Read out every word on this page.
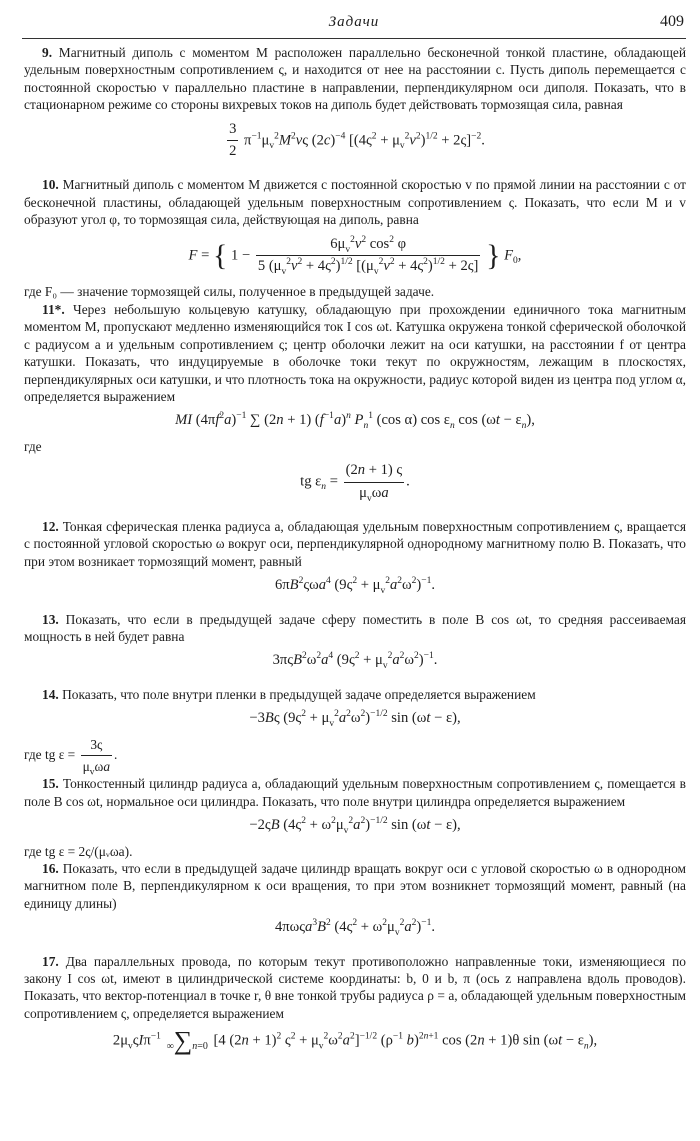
Задачи	409

9. Магнитный диполь с моментом M расположен параллельно бесконечной тонкой пластине, обладающей удельным поверхностным сопротивлением ς, и находится от нее на расстоянии c. Пусть диполь перемещается с постоянной скоростью v параллельно пластине в направлении, перпендикулярном оси диполя. Показать, что в стационарном режиме со стороны вихревых токов на диполь будет действовать тормозящая сила, равная

$\frac{3}{2} \pi^{-1}\mu_v^2M^2v\varsigma$ $(2c)^{-4}$ $[(4\varsigma^2 + \mu_v^2v^2)^{1/2} + 2\varsigma]^{-2}$.

10. Магнитный диполь с моментом M движется с постоянной скоростью v по прямой линии на расстоянии c от бесконечной пластины, обладающей удельным поверхностным сопротивлением ς. Показать, что если M и v образуют угол φ, то тормозящая сила, действующая на диполь, равна

F = { $1 - \frac{6\mu_v^2v^2 \cos^2 \varphi}{5 (\mu_v^2v^2 + 4\varsigma^2)^{1/2} [(\mu_v^2v^2 + 4\varsigma^2)^{1/2} + 2\varsigma]}$ } $F_0$,

где F₀ — значение тормозящей силы, полученное в предыдущей задаче.

11*. Через небольшую кольцевую катушку, обладающую при прохождении единичного тока магнитным моментом M, пропускают медленно изменяющийся ток I cos ωt. Катушка окружена тонкой сферической оболочкой с радиусом a и удельным сопротивлением ς; центр оболочки лежит на оси катушки, на расстоянии f от центра катушки. Показать, что индуцируемые в оболочке токи текут по окружностям, лежащим в плоскостях, перпендикулярных оси катушки, и что плотность тока на окружности, радиус которой виден из центра под углом α, определяется выражением

MI $(4\pi f^2a)^{-1}$ ∑ (2n + 1) $(f^{-1}a)^n$ $P_n^1$ (cos α) $\cos \varepsilon_n$ $\cos (\omega t - \varepsilon_n)$,

где

tg $\varepsilon_n = \frac{(2n + 1) \varsigma}{\mu_v\omega a}$ .

12. Тонкая сферическая пленка радиуса a, обладающая удельным поверхностным сопротивлением ς, вращается с постоянной угловой скоростью ω вокруг оси, перпендикулярной однородному магнитному полю B. Показать, что при этом возникает тормозящий момент, равный

$6\pi B^2\varsigma\omega a^4$ $(9\varsigma^2 + \mu_v^2a^2\omega^2)^{-1}$.

13. Показать, что если в предыдущей задаче сферу поместить в поле B cos ωt, то средняя рассеиваемая мощность в ней будет равна

$3\pi\varsigma B^2\omega^2a^4$ $(9\varsigma^2 + \mu_v^2a^2\omega^2)^{-1}$.

14. Показать, что поле внутри пленки в предыдущей задаче определяется выражением

−3Bς $(9\varsigma^2 + \mu_v^2a^2\omega^2)^{-1/2}$ sin (ωt − ε),

где tg $\varepsilon = \frac{3\varsigma}{\mu_v\omega a}$ .

15. Тонкостенный цилиндр радиуса a, обладающий удельным поверхностным сопротивлением ς, помещается в поле B cos ωt, нормальное оси цилиндра. Показать, что поле внутри цилиндра определяется выражением

−2ςB $(4\varsigma^2 + \omega^2\mu_v^2a^2)^{-1/2}$ sin (ωt − ε),

где tg ε = 2ς/(μᵥωa).

16. Показать, что если в предыдущей задаче цилиндр вращать вокруг оси с угловой скоростью ω в однородном магнитном поле B, перпендикулярном к оси вращения, то при этом возникнет тормозящий момент, равный (на единицу длины)

$4\pi\omega\varsigma a^3B^2$ $(4\varsigma^2 + \omega^2\mu_v^2a^2)^{-1}$.

17. Два параллельных провода, по которым текут противоположно направленные токи, изменяющиеся по закону I cos ωt, имеют в цилиндрической системе координаты: b, 0 и b, π (ось z направлена вдоль проводов). Показать, что вектор-потенциал в точке r, θ вне тонкой трубы радиуса ρ = a, обладающей удельным поверхностным сопротивлением ς, определяется выражением

$2\mu_v\varsigma I\pi^{-1}$ ∞∑n=0 [4 $(2n + 1)^2$ $\varsigma^2 + \mu_v^2\omega^2a^2]^{-1/2}$ ($\rho^{-1}$ b)$^{2n+1}$ cos (2n + 1)θ $\sin (\omega t - \varepsilon_n)$,
